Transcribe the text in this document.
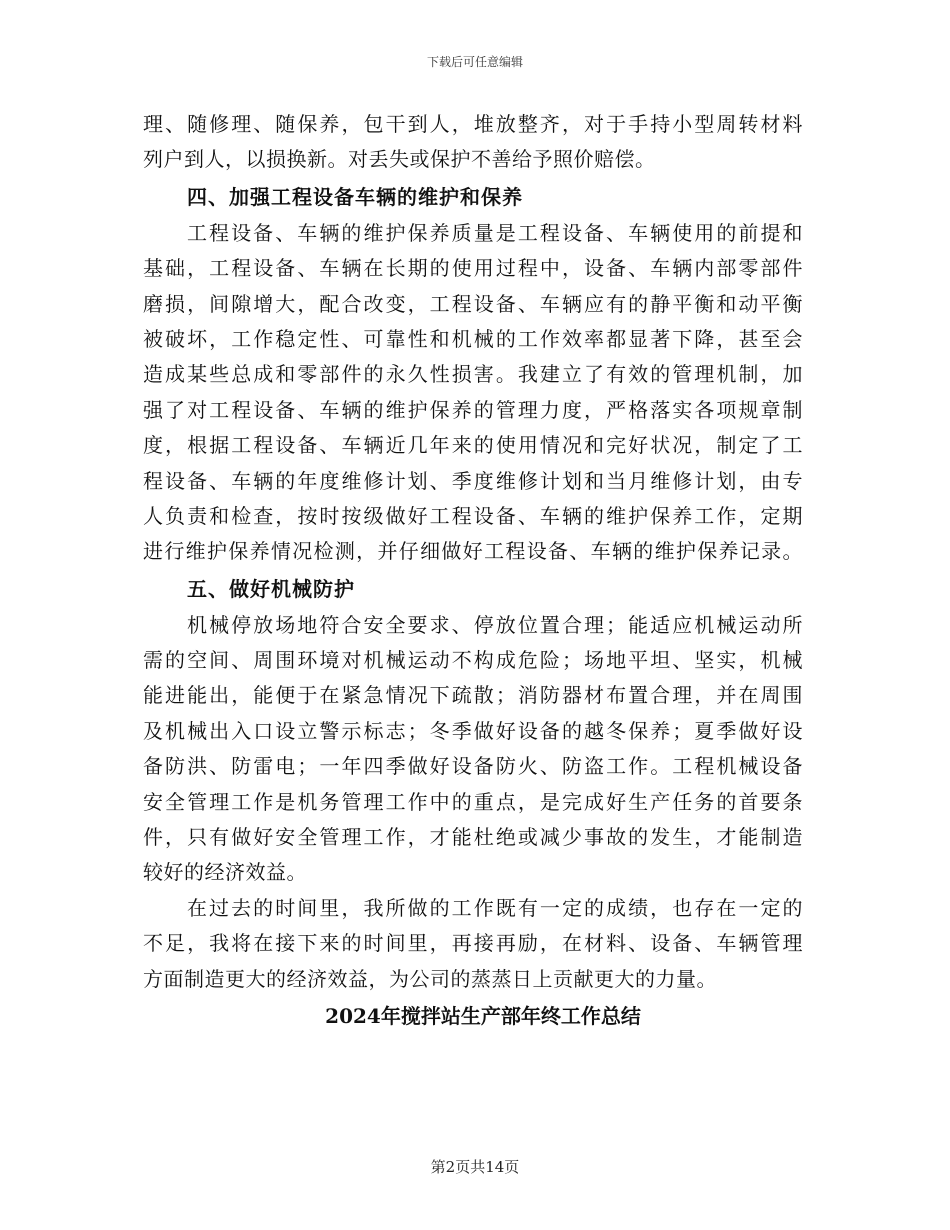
下载后可任意编辑
理、随修理、随保养，包干到人，堆放整齐，对于手持小型周转材料
列户到人，以损换新。对丢失或保护不善给予照价赔偿。
四、加强工程设备车辆的维护和保养
工程设备、车辆的维护保养质量是工程设备、车辆使用的前提和
基础，工程设备、车辆在长期的使用过程中，设备、车辆内部零部件
磨损，间隙增大，配合改变，工程设备、车辆应有的静平衡和动平衡
被破坏，工作稳定性、可靠性和机械的工作效率都显著下降，甚至会
造成某些总成和零部件的永久性损害。我建立了有效的管理机制，加
强了对工程设备、车辆的维护保养的管理力度，严格落实各项规章制
度，根据工程设备、车辆近几年来的使用情况和完好状况，制定了工
程设备、车辆的年度维修计划、季度维修计划和当月维修计划，由专
人负责和检查，按时按级做好工程设备、车辆的维护保养工作，定期
进行维护保养情况检测，并仔细做好工程设备、车辆的维护保养记录。
五、做好机械防护
机械停放场地符合安全要求、停放位置合理；能适应机械运动所
需的空间、周围环境对机械运动不构成危险；场地平坦、坚实，机械
能进能出，能便于在紧急情况下疏散；消防器材布置合理，并在周围
及机械出入口设立警示标志；冬季做好设备的越冬保养；夏季做好设
备防洪、防雷电；一年四季做好设备防火、防盗工作。工程机械设备
安全管理工作是机务管理工作中的重点，是完成好生产任务的首要条
件，只有做好安全管理工作，才能杜绝或减少事故的发生，才能制造
较好的经济效益。
在过去的时间里，我所做的工作既有一定的成绩，也存在一定的
不足，我将在接下来的时间里，再接再励，在材料、设备、车辆管理
方面制造更大的经济效益，为公司的蒸蒸日上贡献更大的力量。
2024年搅拌站生产部年终工作总结
第2页共14页
